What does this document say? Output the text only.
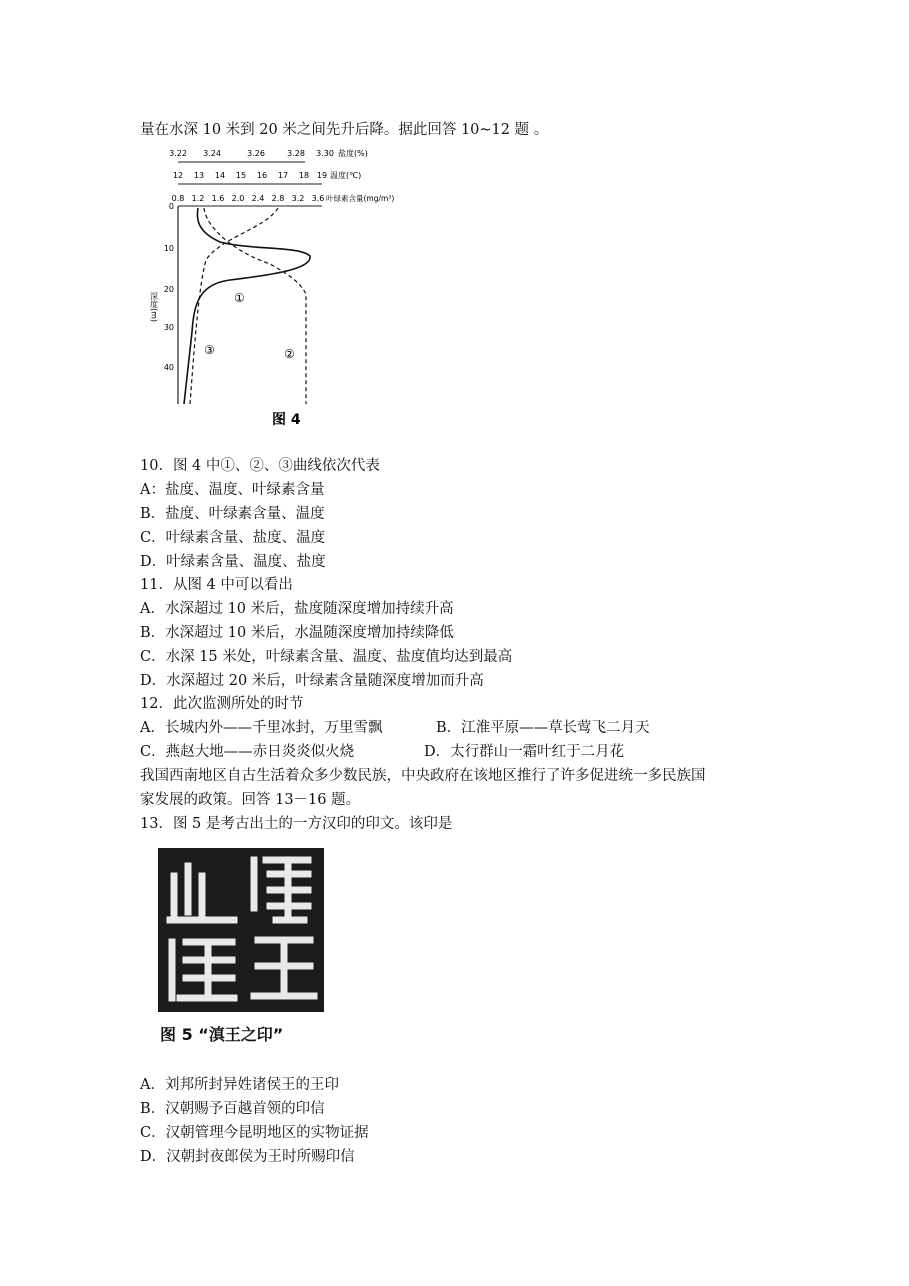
量在水深 10 米到 20 米之间先升后降。据此回答 10~12 题 。
3.22 3.24	3.26	3.28 3.30 盐度(%)
12 13 14 15 16 17 18 19 温度(℃)
0.8 1.2 1.6 2.0 2.4 2.8 3.2 3.6 叶绿素含量(mg/m³)
0
10
20
30
40
深度(m)	①
②
③
图 4
10．图 4 中①、②、③曲线依次代表
A：盐度、温度、叶绿素含量
B．盐度、叶绿素含量、温度
C．叶绿素含量、盐度、温度
D．叶绿素含量、温度、盐度
11．从图 4 中可以看出
A．水深超过 10 米后，盐度随深度增加持续升高
B．水深超过 10 米后，水温随深度增加持续降低
C．水深 15 米处，叶绿素含量、温度、盐度值均达到最高
D．水深超过 20 米后，叶绿素含量随深度增加而升高
12．此次监测所处的时节
A．长城内外——千里冰封，万里雪飘	B．江淮平原——草长莺飞二月天
C．燕赵大地——赤日炎炎似火烧	D．太行群山一霜叶红于二月花
我国西南地区自古生活着众多少数民族，中央政府在该地区推行了许多促进统一多民族国
家发展的政策。回答 13－16 题。
13．图 5 是考古出土的一方汉印的印文。该印是
图 5 “滇王之印”
A．刘邦所封异姓诸侯王的王印
B．汉朝赐予百越首领的印信
C．汉朝管理今昆明地区的实物证据
D．汉朝封夜郎侯为王时所赐印信
